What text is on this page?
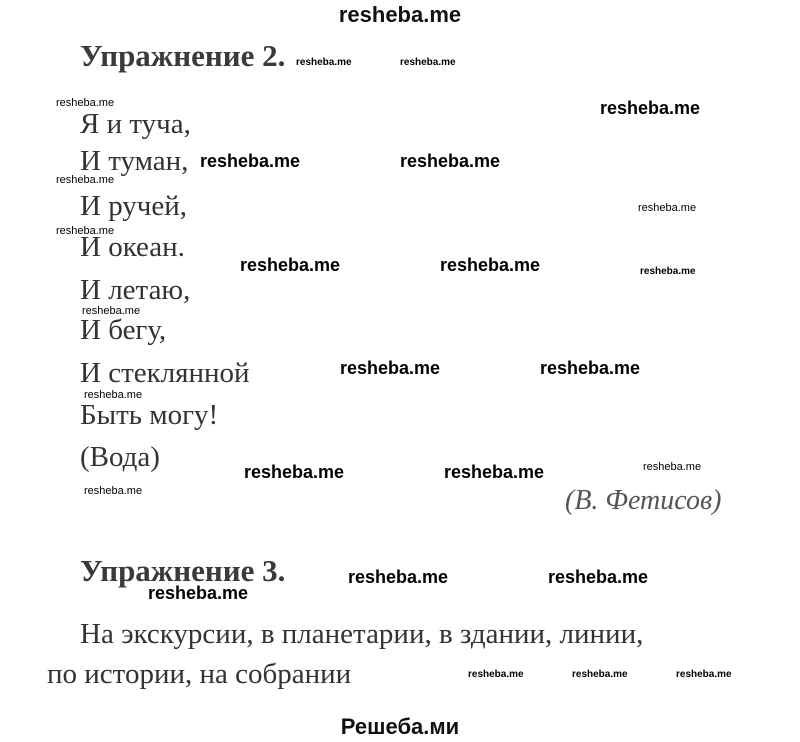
resheba.me
Упражнение 2.
Я и туча,
И туман,
И ручей,
И океан.
И летаю,
И бегу,
И стеклянной
Быть могу!
(Вода)
(В. Фетисов)
Упражнение 3.
На экскурсии, в планетарии, в здании, линии,
по истории, на собрании
resheba.me	resheba.me
resheba.me	resheba.me
resheba.me	resheba.me
resheba.me
resheba.me
resheba.me
resheba.me	resheba.me	resheba.me
resheba.me
resheba.me	resheba.me
resheba.me
resheba.me	resheba.me	resheba.me
resheba.me
resheba.me	resheba.me
resheba.me
resheba.me	resheba.me	resheba.me
Решеба.ми
